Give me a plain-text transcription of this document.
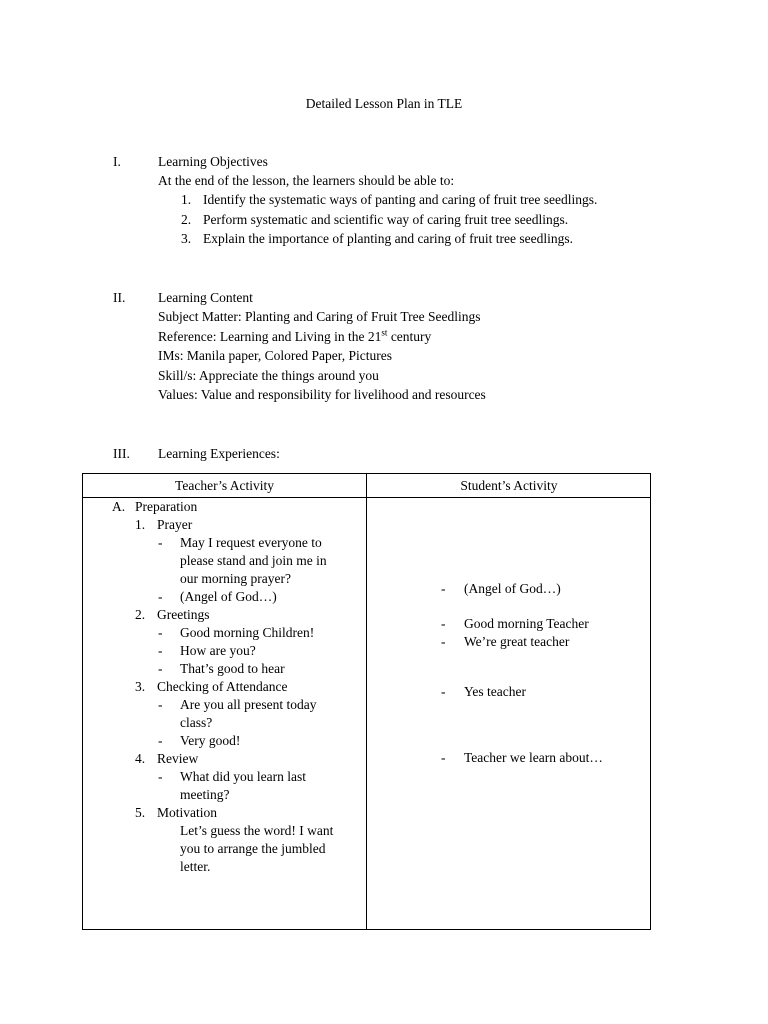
Detailed Lesson Plan in TLE
I.	Learning Objectives
At the end of the lesson, the learners should be able to:
1. Identify the systematic ways of panting and caring of fruit tree seedlings.
2. Perform systematic and scientific way of caring fruit tree seedlings.
3. Explain the importance of planting and caring of fruit tree seedlings.
II. Learning Content
Subject Matter: Planting and Caring of Fruit Tree Seedlings
Reference: Learning and Living in the 21st century
IMs: Manila paper, Colored Paper, Pictures
Skill/s: Appreciate the things around you
Values: Value and responsibility for livelihood and resources
III. Learning Experiences:
Teacher’s Activity	Student’s Activity
A. Preparation
1. Prayer
- May I request everyone to
please stand and join me in
our morning prayer?
- (Angel of God…)
2. Greetings
- Good morning Children!
- How are you?
- That’s good to hear
3. Checking of Attendance
- Are you all present today
class?
- Very good!
4. Review
- What did you learn last
meeting?
5. Motivation
Let’s guess the word! I want
you to arrange the jumbled
letter.
- (Angel of God…)
- Good morning Teacher
- We’re great teacher
- Yes teacher
- Teacher we learn about…
